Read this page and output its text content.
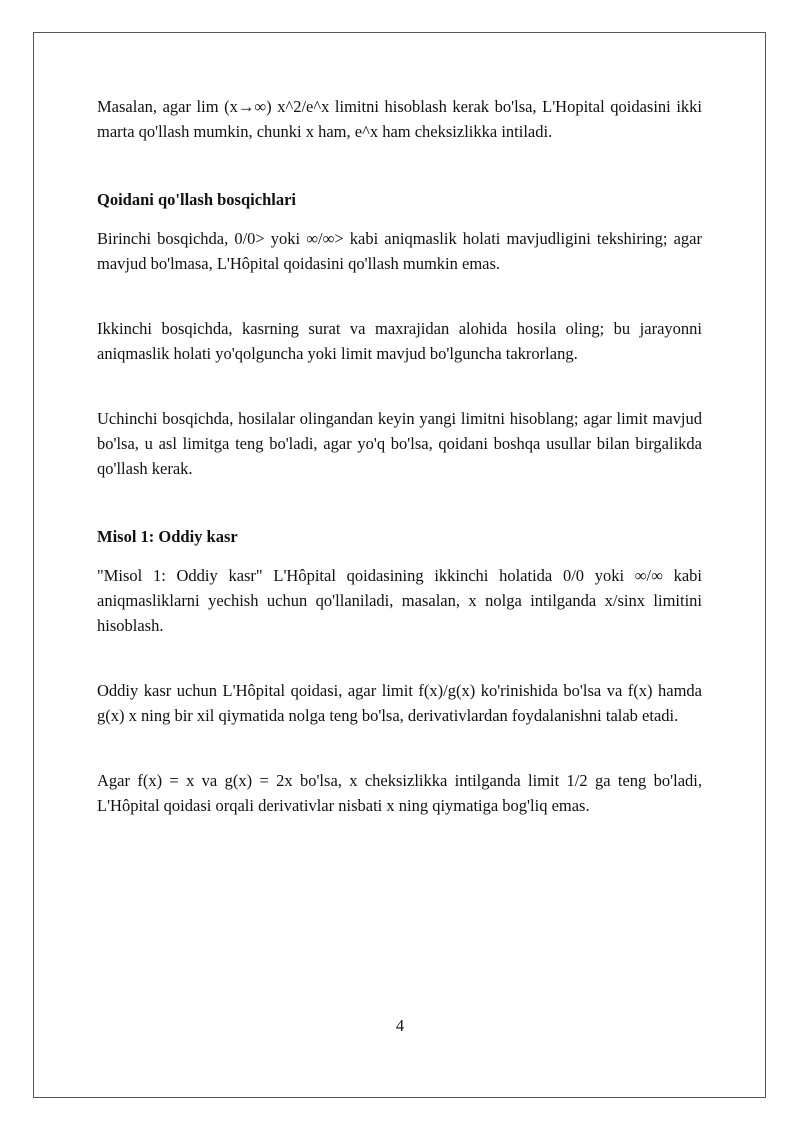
Masalan, agar lim (x→∞) x^2/e^x limitni hisoblash kerak bo'lsa, L'Hopital qoidasini ikki marta qo'llash mumkin, chunki x ham, e^x ham cheksizlikka intiladi.

Qoidani qo'llash bosqichlari

Birinchi bosqichda, 0/0> yoki ∞/∞> kabi aniqmaslik holati mavjudligini tekshiring; agar mavjud bo'lmasa, L'Hôpital qoidasini qo'llash mumkin emas.

Ikkinchi bosqichda, kasrning surat va maxrajidan alohida hosila oling; bu jarayonni aniqmaslik holati yo'qolguncha yoki limit mavjud bo'lguncha takrorlang.

Uchinchi bosqichda, hosilalar olingandan keyin yangi limitni hisoblang; agar limit mavjud bo'lsa, u asl limitga teng bo'ladi, agar yo'q bo'lsa, qoidani boshqa usullar bilan birgalikda qo'llash kerak.

Misol 1: Oddiy kasr

"Misol 1: Oddiy kasr" L'Hôpital qoidasining ikkinchi holatida 0/0 yoki ∞/∞ kabi aniqmasliklarni yechish uchun qo'llaniladi, masalan, x nolga intilganda x/sinx limitini hisoblash.

Oddiy kasr uchun L'Hôpital qoidasi, agar limit f(x)/g(x) ko'rinishida bo'lsa va f(x) hamda g(x) x ning bir xil qiymatida nolga teng bo'lsa, derivativlardan foydalanishni talab etadi.

Agar f(x) = x va g(x) = 2x bo'lsa, x cheksizlikka intilganda limit 1/2 ga teng bo'ladi, L'Hôpital qoidasi orqali derivativlar nisbati x ning qiymatiga bog'liq emas.

4
